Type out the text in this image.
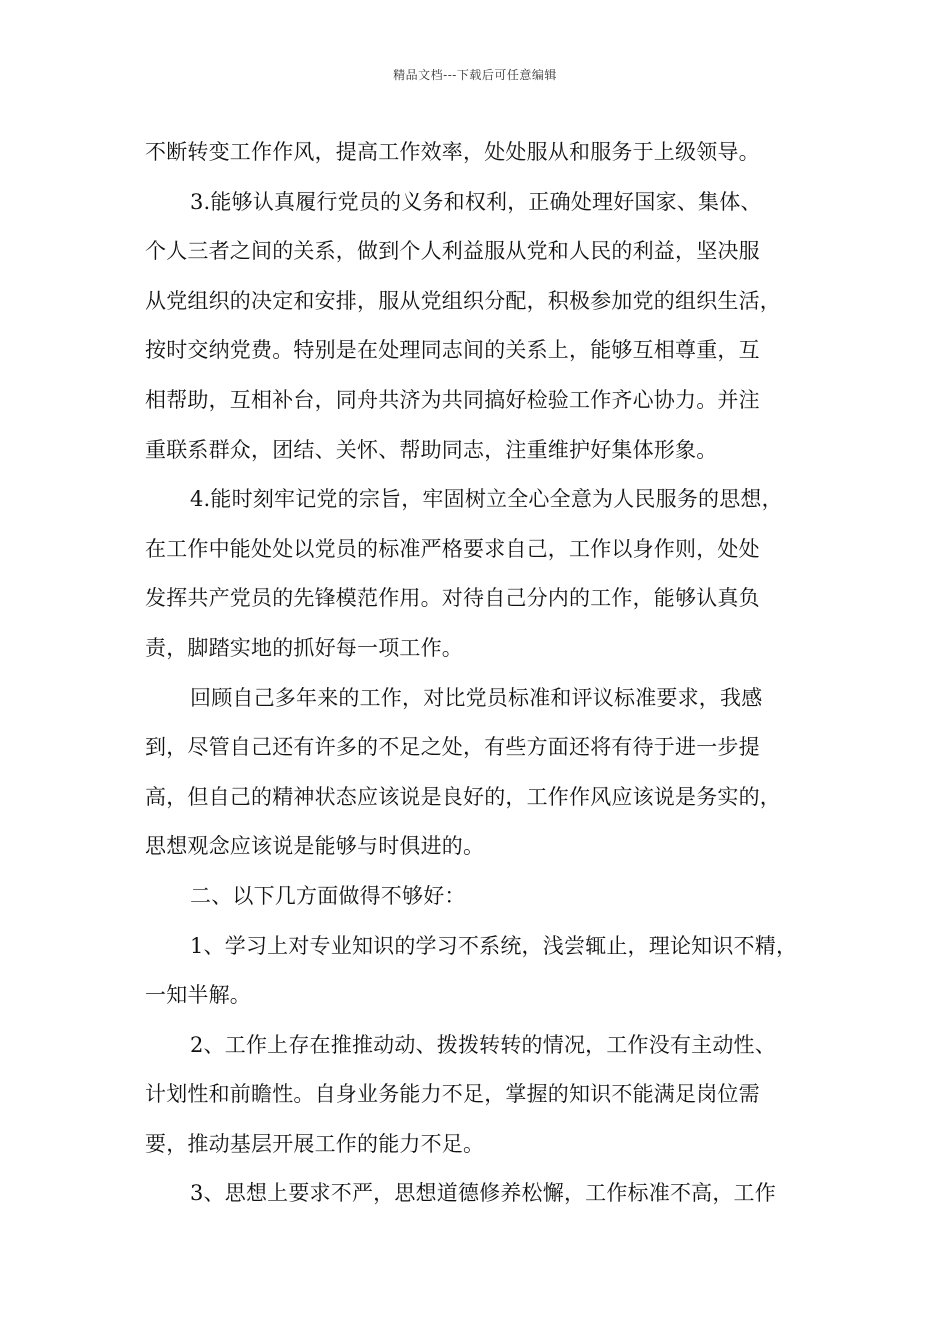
精品文档---下载后可任意编辑
不断转变工作作风，提高工作效率，处处服从和服务于上级领导。
3.能够认真履行党员的义务和权利，正确处理好国家、集体、
个人三者之间的关系，做到个人利益服从党和人民的利益，坚决服
从党组织的决定和安排，服从党组织分配，积极参加党的组织生活，
按时交纳党费。特别是在处理同志间的关系上，能够互相尊重，互
相帮助，互相补台，同舟共济为共同搞好检验工作齐心协力。并注
重联系群众，团结、关怀、帮助同志，注重维护好集体形象。
4.能时刻牢记党的宗旨，牢固树立全心全意为人民服务的思想，
在工作中能处处以党员的标准严格要求自己，工作以身作则，处处
发挥共产党员的先锋模范作用。对待自己分内的工作，能够认真负
责，脚踏实地的抓好每一项工作。
回顾自己多年来的工作，对比党员标准和评议标准要求，我感
到，尽管自己还有许多的不足之处，有些方面还将有待于进一步提
高，但自己的精神状态应该说是良好的，工作作风应该说是务实的，
思想观念应该说是能够与时俱进的。
二、以下几方面做得不够好：
1、学习上对专业知识的学习不系统，浅尝辄止，理论知识不精，
一知半解。
2、工作上存在推推动动、拨拨转转的情况，工作没有主动性、
计划性和前瞻性。自身业务能力不足，掌握的知识不能满足岗位需
要，推动基层开展工作的能力不足。
3、思想上要求不严，思想道德修养松懈，工作标准不高，工作
